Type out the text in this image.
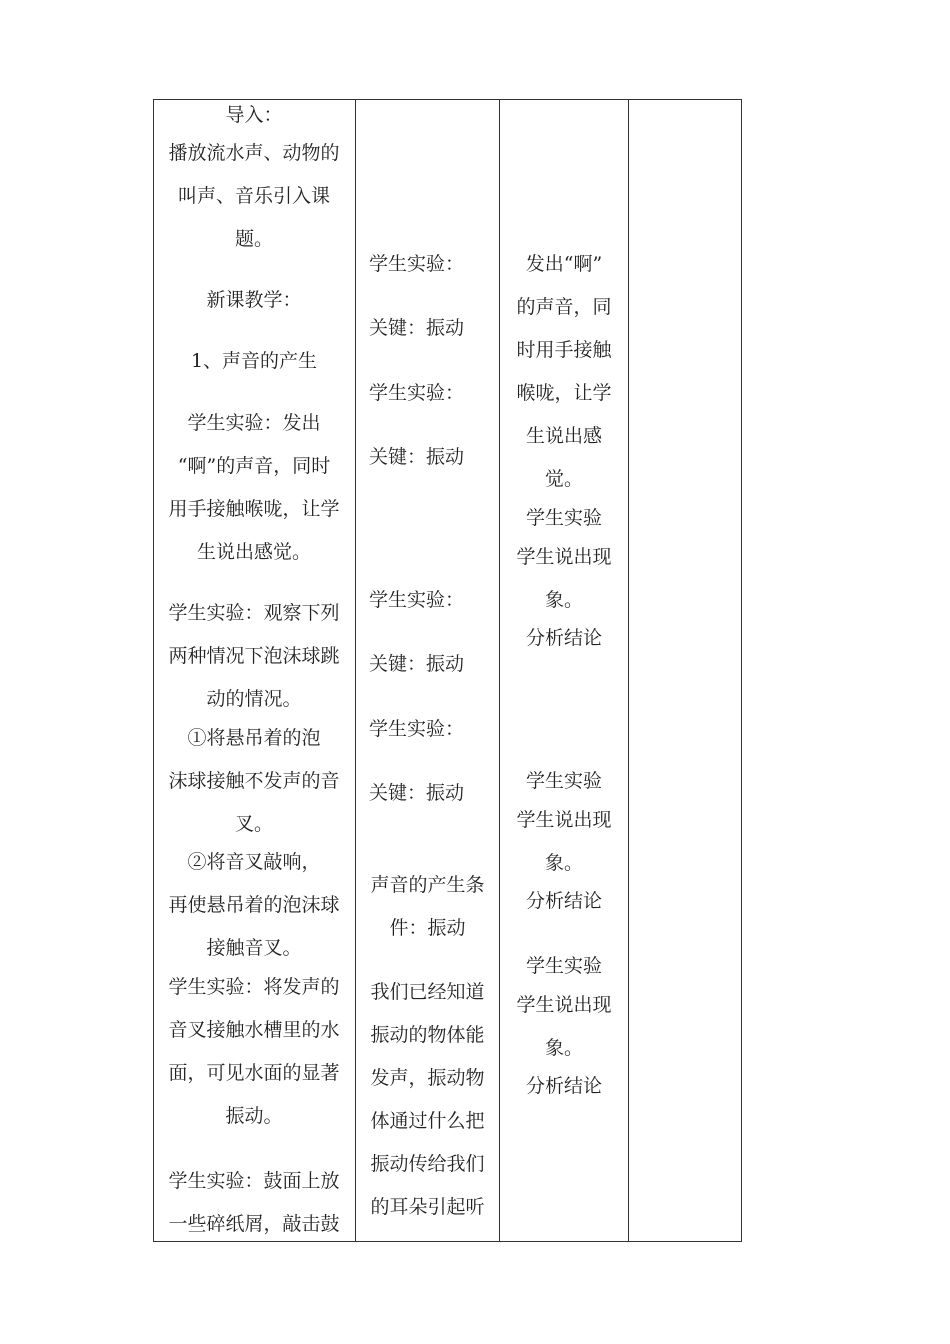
导入：
播放流水声、动物的
叫声、音乐引入课
题。
新课教学：
1、声音的产生
学生实验：发出
“啊”的声音，同时
用手接触喉咙，让学
生说出感觉。
学生实验：观察下列
两种情况下泡沫球跳
动的情况。
①将悬吊着的泡
沫球接触不发声的音
叉。
②将音叉敲响，
再使悬吊着的泡沫球
接触音叉。
学生实验：将发声的
音叉接触水槽里的水
面，可见水面的显著
振动。
学生实验：鼓面上放
一些碎纸屑，敲击鼓
学生实验：
关键：振动
学生实验：
关键：振动
学生实验：
关键：振动
学生实验：
关键：振动
声音的产生条
件：振动
我们已经知道
振动的物体能
发声，振动物
体通过什么把
振动传给我们
的耳朵引起听
发出“啊”
的声音，同
时用手接触
喉咙，让学
生说出感
觉。
学生实验
学生说出现
象。
分析结论
学生实验
学生说出现
象。
分析结论
学生实验
学生说出现
象。
分析结论
